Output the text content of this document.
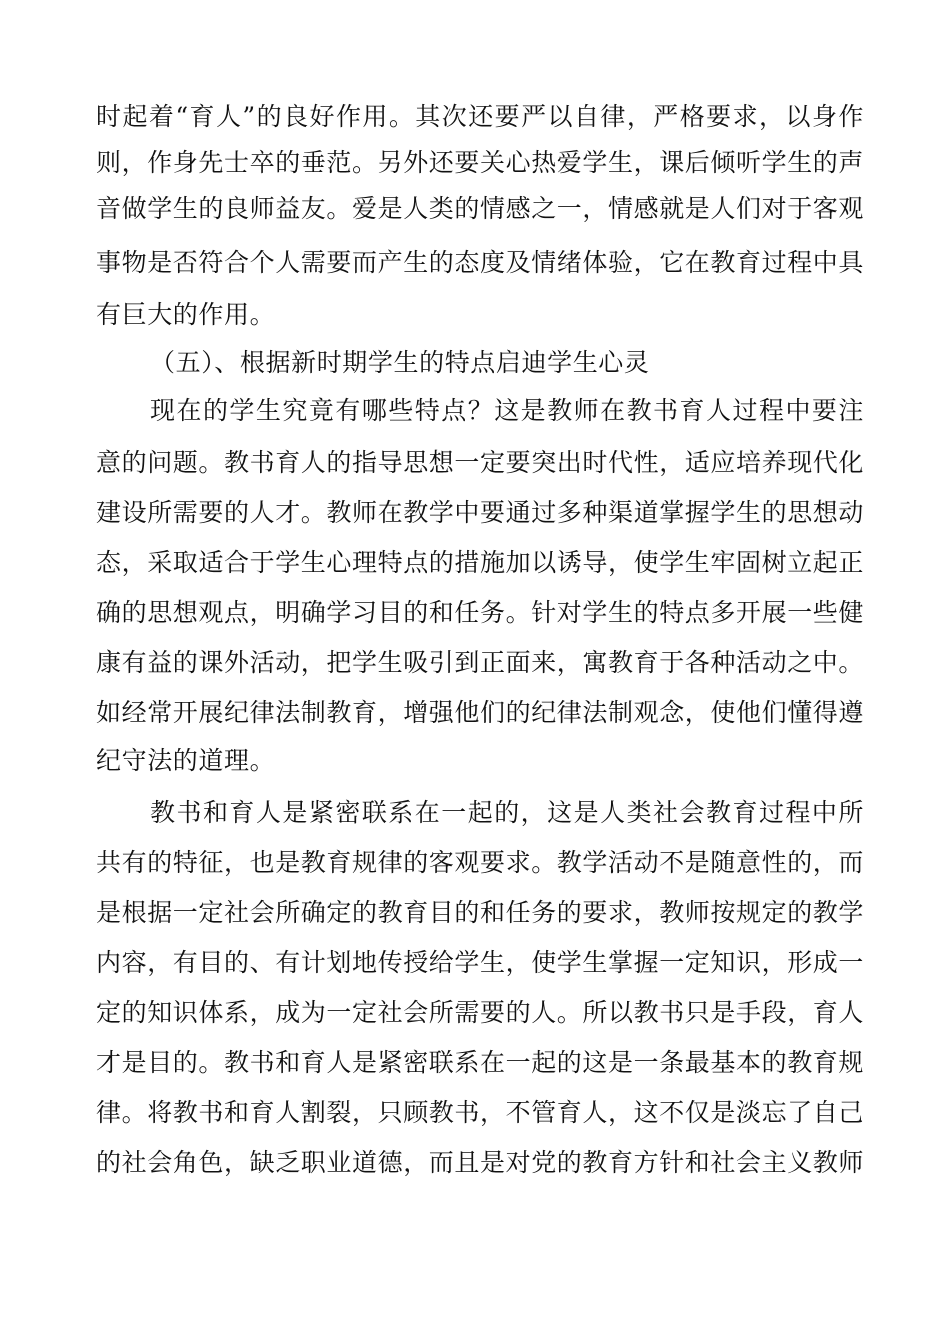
时起着“育人”的良好作用。其次还要严以自律，严格要求，以身作
则，作身先士卒的垂范。另外还要关心热爱学生，课后倾听学生的声
音做学生的良师益友。爱是人类的情感之一，情感就是人们对于客观
事物是否符合个人需要而产生的态度及情绪体验，它在教育过程中具
有巨大的作用。
（五）、根据新时期学生的特点启迪学生心灵
现在的学生究竟有哪些特点？这是教师在教书育人过程中要注
意的问题。教书育人的指导思想一定要突出时代性，适应培养现代化
建设所需要的人才。教师在教学中要通过多种渠道掌握学生的思想动
态，采取适合于学生心理特点的措施加以诱导，使学生牢固树立起正
确的思想观点，明确学习目的和任务。针对学生的特点多开展一些健
康有益的课外活动，把学生吸引到正面来，寓教育于各种活动之中。
如经常开展纪律法制教育，增强他们的纪律法制观念，使他们懂得遵
纪守法的道理。
教书和育人是紧密联系在一起的，这是人类社会教育过程中所
共有的特征，也是教育规律的客观要求。教学活动不是随意性的，而
是根据一定社会所确定的教育目的和任务的要求，教师按规定的教学
内容，有目的、有计划地传授给学生，使学生掌握一定知识，形成一
定的知识体系，成为一定社会所需要的人。所以教书只是手段，育人
才是目的。教书和育人是紧密联系在一起的这是一条最基本的教育规
律。将教书和育人割裂，只顾教书，不管育人，这不仅是淡忘了自己
的社会角色，缺乏职业道德，而且是对党的教育方针和社会主义教师
